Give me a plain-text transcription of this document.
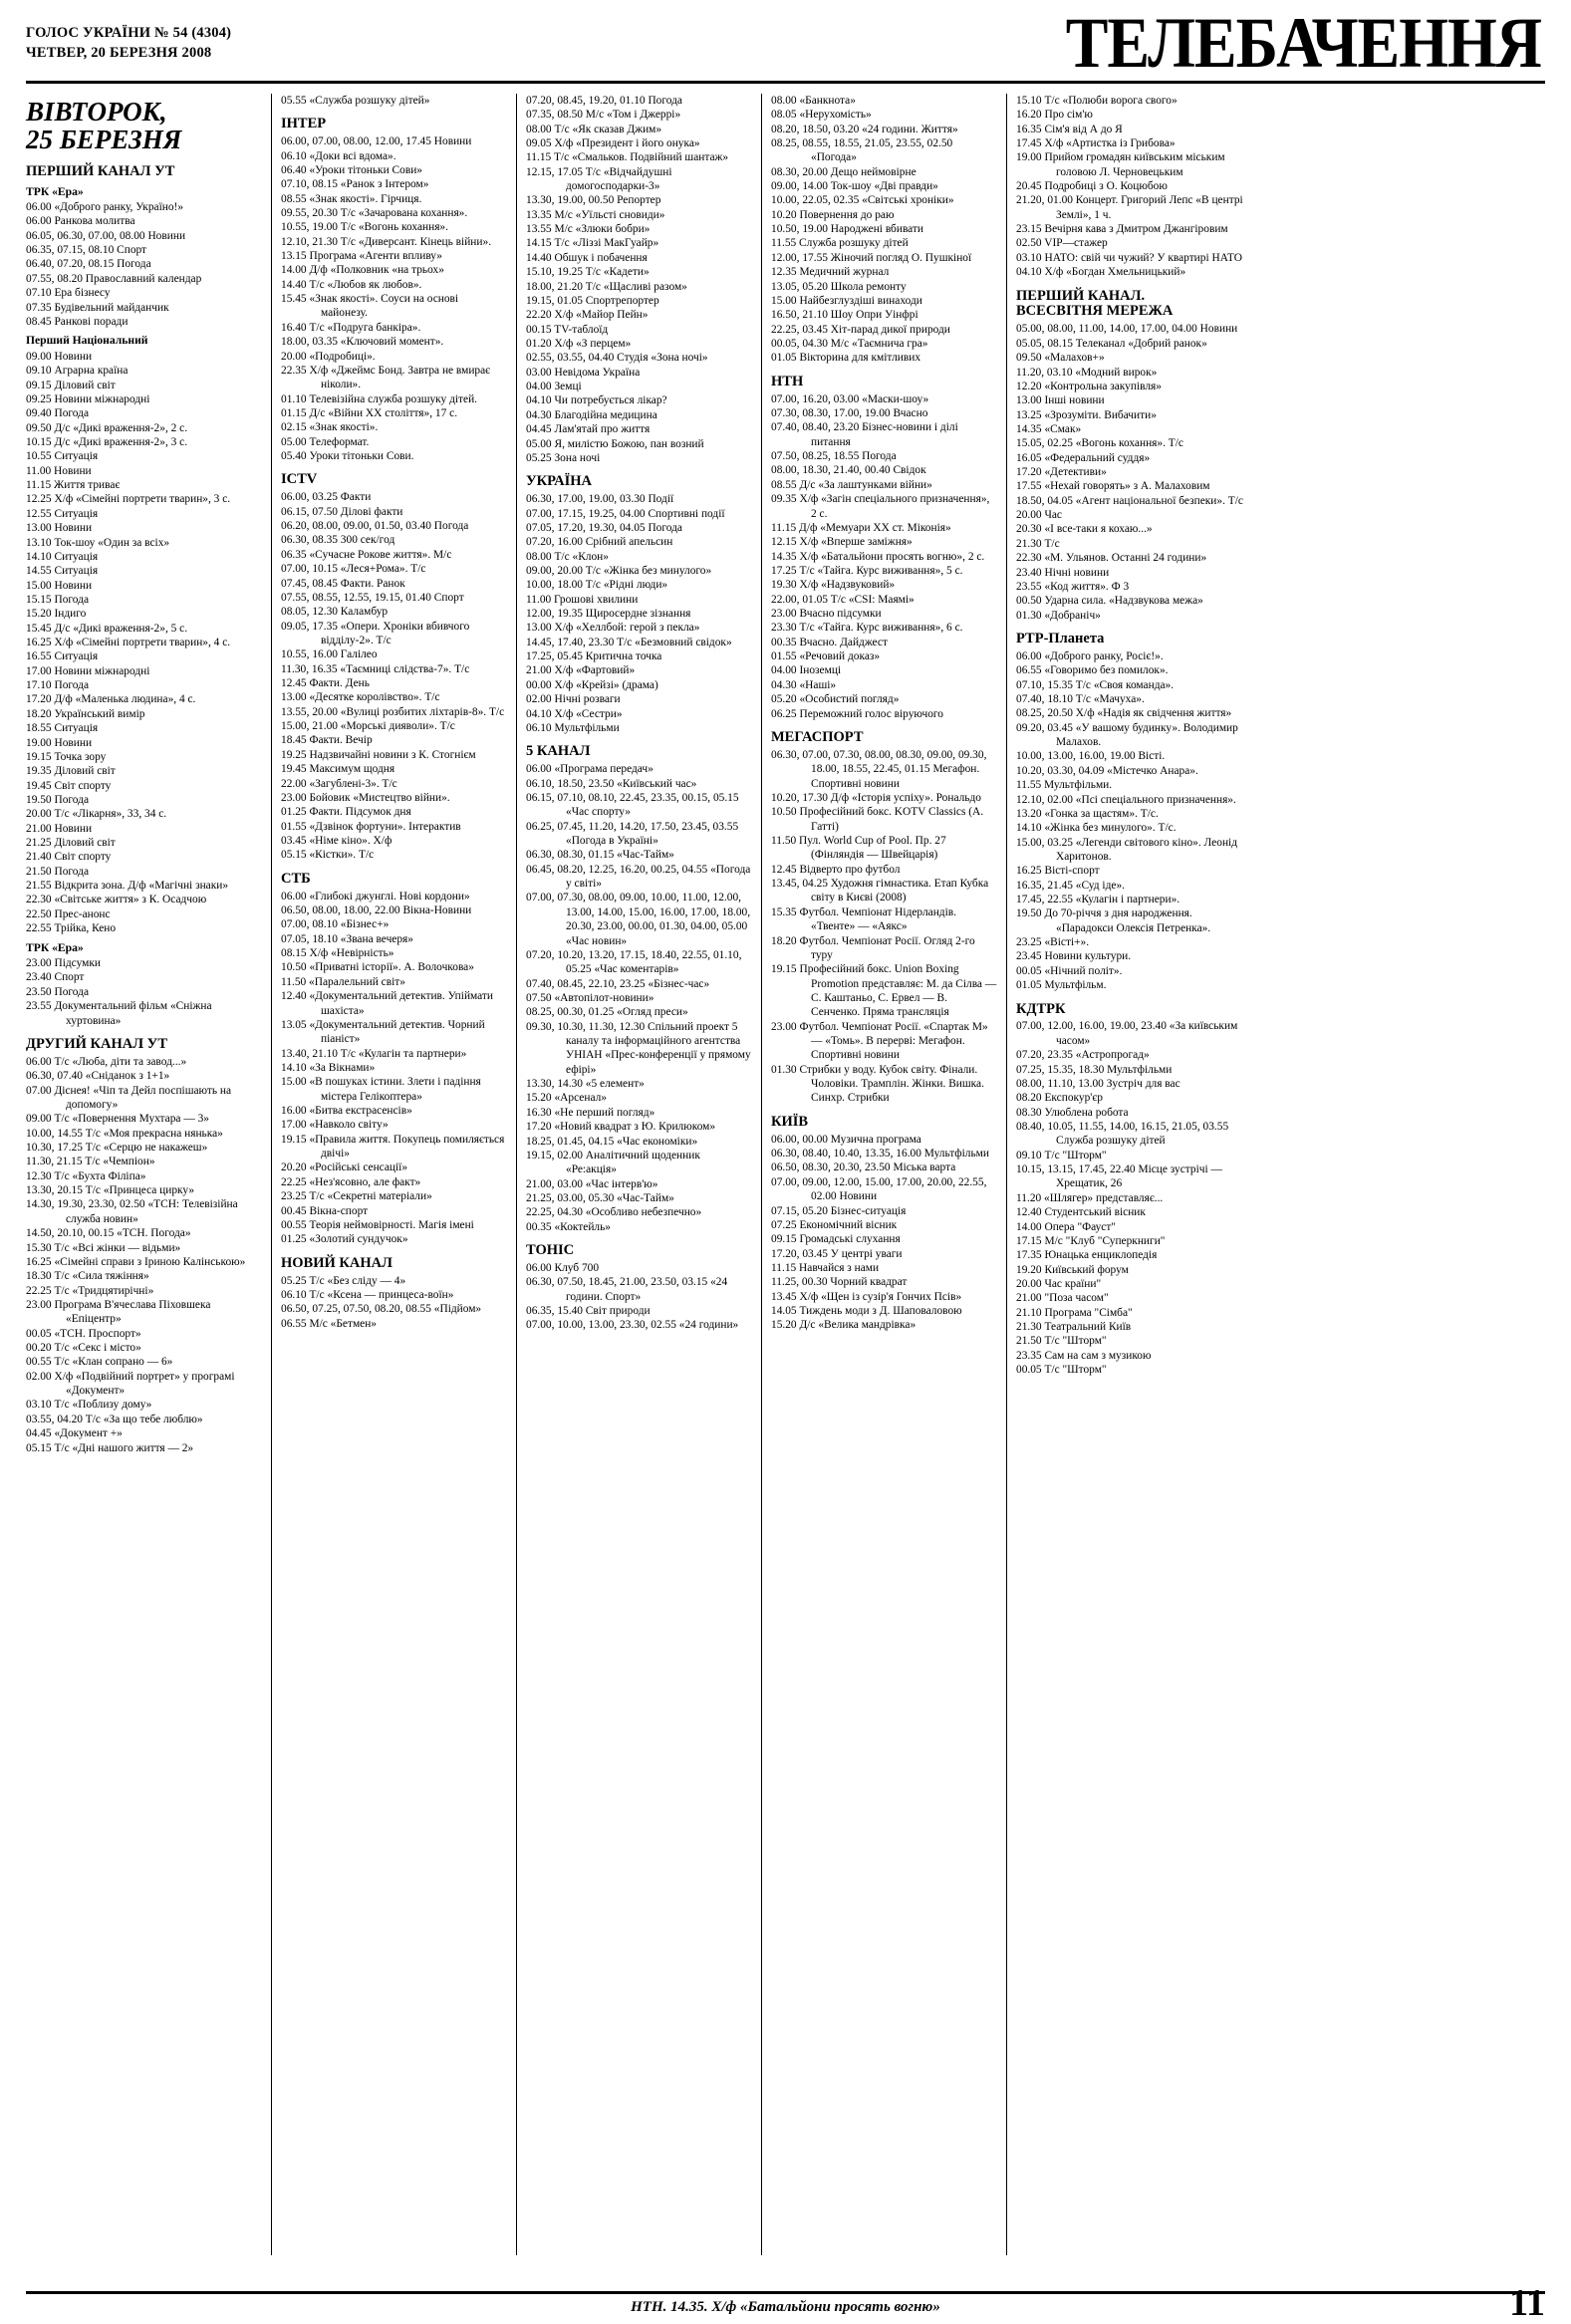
ГОЛОС УКРАЇНИ № 54 (4304)
ЧЕТВЕР, 20 БЕРЕЗНЯ 2008	ТЕЛЕБАЧЕННЯ
ВІВТОРОК,
25 БЕРЕЗНЯ
ПЕРШИЙ КАНАЛ УТ
ТРК «Ера»
06.00 «Доброго ранку, Україно!»
06.00 Ранкова молитва
06.05, 06.30, 07.00, 08.00 Новини
06.35, 07.15, 08.10 Спорт
06.40, 07.20, 08.15 Погода
07.55, 08.20 Православний календар
07.10 Ера бізнесу
07.35 Будівельний майданчик
08.45 Ранкові поради
Перший Національний
09.00 Новини
09.10 Аграрна країна
09.15 Діловий світ
09.25 Новини міжнародні
09.40 Погода
09.50 Д/с «Дикі враження-2», 2 с.
10.15 Д/с «Дикі враження-2», 3 с.
10.55 Ситуація
11.00 Новини
11.15 Життя триває
12.25 Х/ф «Сімейні портрети тварин», 3 с.
12.55 Ситуація
13.00 Новини
13.10 Ток-шоу «Один за всіх»
14.10 Ситуація
14.55 Ситуація
15.00 Новини
15.15 Погода
15.20 Індиго
15.45 Д/с «Дикі враження-2», 5 с.
16.25 Х/ф «Сімейні портрети тварин», 4 с.
16.55 Ситуація
17.00 Новини міжнародні
17.10 Погода
17.20 Д/ф «Маленька людина», 4 с.
18.20 Український вимір
18.55 Ситуація
19.00 Новини
19.15 Точка зору
19.35 Діловий світ
19.45 Світ спорту
19.50 Погода
20.00 Т/с «Лікарня», 33, 34 с.
21.00 Новини
21.25 Діловий світ
21.40 Світ спорту
21.50 Погода
21.55 Відкрита зона. Д/ф «Магічні знаки»
22.30 «Світське життя» з К. Осадчою
22.50 Прес-анонс
22.55 Трійка, Кено
ТРК «Ера»
23.00 Підсумки
23.40 Спорт
23.50 Погода
23.55 Документальний фільм «Сніжна хуртовина»
ДРУГИЙ КАНАЛ УТ
06.00 Т/с «Люба, діти та завод...»
06.30, 07.40 «Сніданок з 1+1»
07.00 Діснея! «Чіп та Дейл поспішають на допомогу»
09.00 Т/с «Повернення Мухтара — 3»
10.00, 14.55 Т/с «Моя прекрасна нянька»
10.30, 17.25 Т/с «Серцю не накажеш»
11.30, 21.15 Т/с «Чемпіон»
12.30 Т/с «Бухта Філіпа»
13.30, 20.15 Т/с «Принцеса цирку»
14.30, 19.30, 23.30, 02.50 «ТСН: Телевізійна служба новин»
14.50, 20.10, 00.15 «ТСН. Погода»
15.30 Т/с «Всі жінки — відьми»
16.25 «Сімейні справи з Іриною Калінською»
18.30 Т/с «Сила тяжіння»
22.25 Т/с «Тридцятирічні»
23.00 Програма В'ячеслава Піховшека «Епіцентр»
00.05 «ТСН. Проспорт»
00.20 Т/с «Секс і місто»
00.55 Т/с «Клан сопрано — 6»
02.00 Х/ф «Подвійний портрет» у програмі «Документ»
03.10 Т/с «Поблизу дому»
03.55, 04.20 Т/с «За що тебе люблю»
04.45 «Документ +»
05.15 Т/с «Дні нашого життя — 2»
05.55 «Служба розшуку дітей»
ІНТЕР
06.00, 07.00, 08.00, 12.00, 17.45 Новини
06.10 «Доки всі вдома».
06.40 «Уроки тітоньки Сови»
07.10, 08.15 «Ранок з Інтером»
08.55 «Знак якості». Гірчиця.
09.55, 20.30 Т/с «Зачарована кохання».
10.55, 19.00 Т/с «Вогонь кохання».
12.10, 21.30 Т/с «Диверсант. Кінець війни».
13.15 Програма «Агенти впливу»
14.00 Д/ф «Полковник «на трьох»
14.40 Т/с «Любов як любов».
15.45 «Знак якості». Соуси на основі майонезу.
16.40 Т/с «Подруга банкіра».
18.00, 03.35 «Ключовий момент».
20.00 «Подробиці».
22.35 Х/ф «Джеймс Бонд. Завтра не вмирає ніколи».
01.10 Телевізійна служба розшуку дітей.
01.15 Д/с «Війни ХХ століття», 17 с.
02.15 «Знак якості».
05.00 Телеформат.
05.40 Уроки тітоньки Сови.
ICTV
06.00, 03.25 Факти
06.15, 07.50 Ділові факти
06.20, 08.00, 09.00, 01.50, 03.40 Погода
06.30, 08.35 300 сек/год
06.35 «Сучасне Рокове життя». М/с
07.00, 10.15 «Леся+Рома». Т/с
07.45, 08.45 Факти. Ранок
07.55, 08.55, 12.55, 19.15, 01.40 Спорт
08.05, 12.30 Каламбур
09.05, 17.35 «Опери. Хроніки вбивчого відділу-2». Т/с
10.55, 16.00 Галілео
11.30, 16.35 «Таємниці слідства-7». Т/с
12.45 Факти. День
13.00 «Десятке королівство». Т/с
13.55, 20.00 «Вулиці розбитих ліхтарів-8». Т/с
15.00, 21.00 «Морські дияволи». Т/с
18.45 Факти. Вечір
19.25 Надзвичайні новини з К. Стогнієм
19.45 Максимум щодня
22.00 «Загублені-3». Т/с
23.00 Бойовик «Мистецтво війни».
01.25 Факти. Підсумок дня
01.55 «Дзвінок фортуни». Інтерактив
03.45 «Німе кіно». Х/ф
05.15 «Кістки». Т/с
СТБ
06.00 «Глибокі джунглі. Нові кордони»
06.50, 08.00, 18.00, 22.00 Вікна-Новини
07.00, 08.10 «Бізнес+»
07.05, 18.10 «Звана вечеря»
08.15 Х/ф «Невірність»
10.50 «Приватні історії». А. Волочкова»
11.50 «Паралельний світ»
12.40 «Документальний детектив. Упіймати шахіста»
13.05 «Документальний детектив. Чорний піаніст»
13.40, 21.10 Т/с «Кулагін та партнери»
14.10 «За Вікнами»
15.00 «В пошуках істини. Злети і падіння містера Гелікоптера»
16.00 «Битва екстрасенсів»
17.00 «Навколо світу»
19.15 «Правила життя. Покупець помиляється двічі»
20.20 «Російські сенсації»
22.25 «Нез'ясовно, але факт»
23.25 Т/с «Секретні матеріали»
00.45 Вікна-спорт
00.55 Теорія неймовірності. Магія імені
01.25 «Золотий сундучок»
НОВИЙ КАНАЛ
05.25 Т/с «Без сліду — 4»
06.10 Т/с «Ксена — принцеса-воїн»
06.50, 07.25, 07.50, 08.20, 08.55 «Підйом»
06.55 М/с «Бетмен»
07.20, 08.45, 19.20, 01.10 Погода
07.35, 08.50 М/с «Том і Джеррі»
08.00 Т/с «Як сказав Джим»
09.05 Х/ф «Президент і його онука»
11.15 Т/с «Смальков. Подвійний шантаж»
12.15, 17.05 Т/с «Відчайдушні домогосподарки-3»
13.30, 19.00, 00.50 Репортер
13.35 М/с «Уїльсті сновиди»
13.55 М/с «Злюки бобри»
14.15 Т/с «Ліззі МакГуайр»
14.40 Обшук і побачення
15.10, 19.25 Т/с «Кадети»
18.00, 21.20 Т/с «Щасливі разом»
19.15, 01.05 Спортрепортер
22.20 Х/ф «Майор Пейн»
00.15 TV-таблоїд
01.20 Х/ф «З перцем»
02.55, 03.55, 04.40 Студія «Зона ночі»
03.00 Невідома Україна
04.00 Земці
04.10 Чи потребується лікар?
04.30 Благодійна медицина
04.45 Лам'ятай про життя
05.00 Я, милістю Божою, пан возний
05.25 Зона ночі
УКРАЇНА
06.30, 17.00, 19.00, 03.30 Події
07.00, 17.15, 19.25, 04.00 Спортивні події
07.05, 17.20, 19.30, 04.05 Погода
07.20, 16.00 Срібний апельсин
08.00 Т/с «Клон»
09.00, 20.00 Т/с «Жінка без минулого»
10.00, 18.00 Т/с «Рідні люди»
11.00 Грошові хвилини
12.00, 19.35 Щиросердне зізнання
13.00 Х/ф «Хеллбой: герой з пекла»
14.45, 17.40, 23.30 Т/с «Безмовний свідок»
17.25, 05.45 Критична точка
21.00 Х/ф «Фартовий»
00.00 Х/ф «Крейзі» (драма)
02.00 Нічні розваги
04.10 Х/ф «Сестри»
06.10 Мультфільми
5 КАНАЛ
06.00 «Програма передач»
06.10, 18.50, 23.50 «Київський час»
06.15, 07.10, 08.10, 22.45, 23.35, 00.15, 05.15 «Час спорту»
06.25, 07.45, 11.20, 14.20, 17.50, 23.45, 03.55 «Погода в Україні»
06.30, 08.30, 01.15 «Час-Тайм»
06.45, 08.20, 12.25, 16.20, 00.25, 04.55 «Погода у світі»
07.00, 07.30, 08.00, 09.00, 10.00, 11.00, 12.00, 13.00, 14.00, 15.00, 16.00, 17.00, 18.00, 20.30, 23.00, 00.00, 01.30, 04.00, 05.00 «Час новин»
07.20, 10.20, 13.20, 17.15, 18.40, 22.55, 01.10, 05.25 «Час коментарів»
07.40, 08.45, 22.10, 23.25 «Бізнес-час»
07.50 «Автопілот-новини»
08.25, 00.30, 01.25 «Огляд преси»
09.30, 10.30, 11.30, 12.30 Спільний проект 5 каналу та інформаційного агентства УНІАН «Прес-конференції у прямому ефірі»
13.30, 14.30 «5 елемент»
15.20 «Арсенал»
16.30 «Не перший погляд»
17.20 «Новий квадрат з Ю. Крилюком»
18.25, 01.45, 04.15 «Час економіки»
19.15, 02.00 Аналітичний щоденник «Ре:акція»
21.00, 03.00 «Час інтерв'ю»
21.25, 03.00, 05.30 «Час-Тайм»
22.25, 04.30 «Особливо небезпечно»
00.35 «Коктейль»
ТОНІС
06.00 Клуб 700
06.30, 07.50, 18.45, 21.00, 23.50, 03.15 «24 години. Спорт»
06.35, 15.40 Світ природи
07.00, 10.00, 13.00, 23.30, 02.55 «24 години»
08.00 «Банкнота»
08.05 «Нерухомість»
08.20, 18.50, 03.20 «24 години. Життя»
08.25, 08.55, 18.55, 21.05, 23.55, 02.50 «Погода»
08.30, 20.00 Дещо неймовірне
09.00, 14.00 Ток-шоу «Дві правди»
10.00, 22.05, 02.35 «Світські хроніки»
10.20 Повернення до раю
10.50, 19.00 Народжені вбивати
11.55 Служба розшуку дітей
12.00, 17.55 Жіночий погляд О. Пушкіної
12.35 Медичний журнал
13.05, 05.20 Школа ремонту
15.00 Найбезглуздіші винаходи
16.50, 21.10 Шоу Опри Уінфрі
22.25, 03.45 Хіт-парад дикої природи
00.05, 04.30 М/с «Таємнича гра»
01.05 Вікторина для кмітливих
НТН
07.00, 16.20, 03.00 «Маски-шоу»
07.30, 08.30, 17.00, 19.00 Вчасно
07.40, 08.40, 23.20 Бізнес-новини і ділі питання
07.50, 08.25, 18.55 Погода
08.00, 18.30, 21.40, 00.40 Свідок
08.55 Д/с «За лаштунками війни»
09.35 Х/ф «Загін спеціального призначення», 2 с.
11.15 Д/ф «Мемуари ХХ ст. Міконія»
12.15 Х/ф «Вперше заміжня»
14.35 Х/ф «Батальйони просять вогню», 2 с.
17.25 Т/с «Тайга. Курс виживання», 5 с.
19.30 Х/ф «Надзвуковий»
22.00, 01.05 Т/с «CSI: Маямі»
23.00 Вчасно підсумки
23.30 Т/с «Тайга. Курс виживання», 6 с.
00.35 Вчасно. Дайджест
01.55 «Речовий доказ»
04.00 Іноземці
04.30 «Наші»
05.20 «Особистий погляд»
06.25 Переможний голос віруючого
МЕГАСПОРТ
06.30, 07.00, 07.30, 08.00, 08.30, 09.00, 09.30, 18.00, 18.55, 22.45, 01.15 Мегафон. Спортивні новини
10.20, 17.30 Д/ф «Історія успіху». Рональдо
10.50 Професійний бокс. KOTV Classics (А. Гатті)
11.50 Пул. World Cup of Pool. Пр. 27 (Фінляндія — Швейцарія)
12.45 Відверто про футбол
13.45, 04.25 Художня гімнастика. Етап Кубка світу в Києві (2008)
15.35 Футбол. Чемпіонат Нідерландів. «Твенте» — «Аякс»
18.20 Футбол. Чемпіонат Росії. Огляд 2-го туру
19.15 Професійний бокс. Union Boxing Promotion представляє: М. да Сілва — С. Каштаньо, С. Ервел — В. Сенченко. Пряма трансляція
23.00 Футбол. Чемпіонат Росії. «Спартак М» — «Томь». В перерві: Мегафон. Спортивні новини
01.30 Стрибки у воду. Кубок світу. Фінали. Чоловіки. Трамплін. Жінки. Вишка. Синхр. Стрибки
КИЇВ
06.00, 00.00 Музична програма
06.30, 08.40, 10.40, 13.35, 16.00 Мультфільми
06.50, 08.30, 20.30, 23.50 Міська варта
07.00, 09.00, 12.00, 15.00, 17.00, 20.00, 22.55, 02.00 Новини
07.15, 05.20 Бізнес-ситуація
07.25 Економічний вісник
09.15 Громадські слухання
17.20, 03.45 У центрі уваги
11.15 Навчайся з нами
11.25, 00.30 Чорний квадрат
13.45 Х/ф «Щен із сузір'я Гончих Псів»
14.05 Тиждень моди з Д. Шаповаловою
15.20 Д/с «Велика мандрівка»
15.10 Т/с «Полюби ворога свого»
16.20 Про сім'ю
16.35 Сім'я від А до Я
17.45 Х/ф «Артистка із Грибова»
19.00 Прийом громадян київським міським головою Л. Черновецьким
20.45 Подробиці з О. Коцюбою
21.20, 01.00 Концерт. Григорий Лепс «В центрі Землі», 1 ч.
23.15 Вечірня кава з Дмитром Джангіровим
02.50 VIP—стажер
03.10 НАТО: свій чи чужий? У квартирі НАТО
04.10 Х/ф «Богдан Хмельницький»
ПЕРШИЙ КАНАЛ.
ВСЕСВІТНЯ МЕРЕЖА
05.00, 08.00, 11.00, 14.00, 17.00, 04.00 Новини
05.05, 08.15 Телеканал «Добрий ранок»
09.50 «Малахов+»
11.20, 03.10 «Модний вирок»
12.20 «Контрольна закупівля»
13.00 Інші новини
13.25 «Зрозуміти. Вибачити»
14.35 «Смак»
15.05, 02.25 «Вогонь кохання». Т/с
16.05 «Федеральний суддя»
17.20 «Детективи»
17.55 «Нехай говорять» з А. Малаховим
18.50, 04.05 «Агент національної безпеки». Т/с
20.00 Час
20.30 «І все-таки я кохаю...»
21.30 Т/с
22.30 «М. Ульянов. Останні 24 години»
23.40 Нічні новини
23.55 «Код життя». Ф 3
00.50 Ударна сила. «Надзвукова межа»
01.30 «Добраніч»
РТР-Планета
06.00 «Доброго ранку, Росіє!».
06.55 «Говоримо без помилок».
07.10, 15.35 Т/с «Своя команда».
07.40, 18.10 Т/с «Мачуха».
08.25, 20.50 Х/ф «Надія як свідчення життя»
09.20, 03.45 «У вашому будинку». Володимир Малахов.
10.00, 13.00, 16.00, 19.00 Вісті.
10.20, 03.30, 04.09 «Містечко Анара».
11.55 Мультфільми.
12.10, 02.00 «Псі спеціального призначення».
13.20 «Гонка за щастям». Т/с.
14.10 «Жінка без минулого». Т/с.
15.00, 03.25 «Легенди світового кіно». Леонід Харитонов.
16.25 Вісті-спорт
16.35, 21.45 «Суд іде».
17.45, 22.55 «Кулагін і партнери».
19.50 До 70-річчя з дня народження. «Парадокси Олексія Петренка».
23.25 «Вісті+».
23.45 Новини культури.
00.05 «Нічний політ».
01.05 Мультфільм.
КДТРК
07.00, 12.00, 16.00, 19.00, 23.40 «За київським часом»
07.20, 23.35 «Астропрогад»
07.25, 15.35, 18.30 Мультфільми
08.00, 11.10, 13.00 Зустріч для вас
08.20 Експокур'єр
08.30 Улюблена робота
08.40, 10.05, 11.55, 14.00, 16.15, 21.05, 03.55 Служба розшуку дітей
09.10 Т/с "Шторм"
10.15, 13.15, 17.45, 22.40 Місце зустрічі — Хрещатик, 26
11.20 «Шлягер» представляє...
12.40 Студентський вісник
14.00 Опера "Фауст"
17.15 М/с "Клуб "Суперкниги"
17.35 Юнацька енциклопедія
19.20 Київський форум
20.00 Час країни"
21.00 "Поза часом"
21.10 Програма "Сімба"
21.30 Театральний Київ
21.50 Т/с "Шторм"
23.35 Сам на сам з музикою
00.05 Т/с "Шторм"
НТН. 14.35. Х/ф «Батальйони просять вогню»	11
